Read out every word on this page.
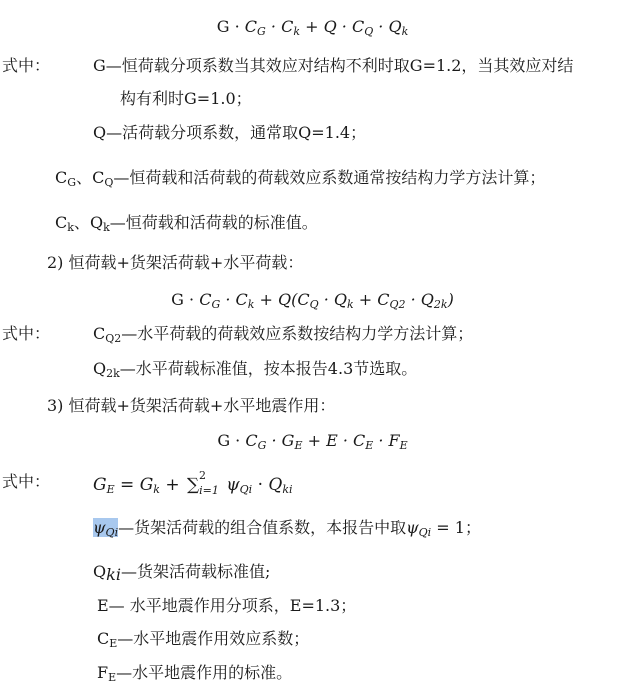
$G \cdot C_G \cdot C_k + Q \cdot C_Q \cdot Q_k$
式中：	G—恒荷载分项系数当其效应对结构不利时取G=1.2，当其效应对结
构有利时G=1.0；
Q—活荷载分项系数，通常取Q=1.4；
$C_G$、$C_Q—$恒荷载和活荷载的荷载效应系数通常按结构力学方法计算；
$C_k$、$Q_k—$恒荷载和活荷载的标准值。
2) 恒荷载+货架活荷载+水平荷载：
$G \cdot C_G \cdot C_k + Q(C_Q \cdot Q_k + C_{Q2} \cdot Q_{2k})$
式中：	$C_{Q2}—$水平荷载的荷载效应系数按结构力学方法计算；
$Q_{2k}—$水平荷载标准值，按本报告4.3节选取。
3) 恒荷载+货架活荷载+水平地震作用：
$G \cdot C_G \cdot G_E + E \cdot C_E \cdot F_E$
式中：	$G_E = G_k$ + ∑ 2
$_{i=1}$ $\psi_{Qi} \cdot Q_{ki}$
$\psi_{Qi}—$货架活荷载的组合值系数，本报告中取$\psi_{Qi} = 1$；
$Q_{ki}—$货架活荷载标准值;
E— 水平地震作用分项系，E=1.3；
$C_E—$水平地震作用效应系数；
$F_E—$水平地震作用的标准。
